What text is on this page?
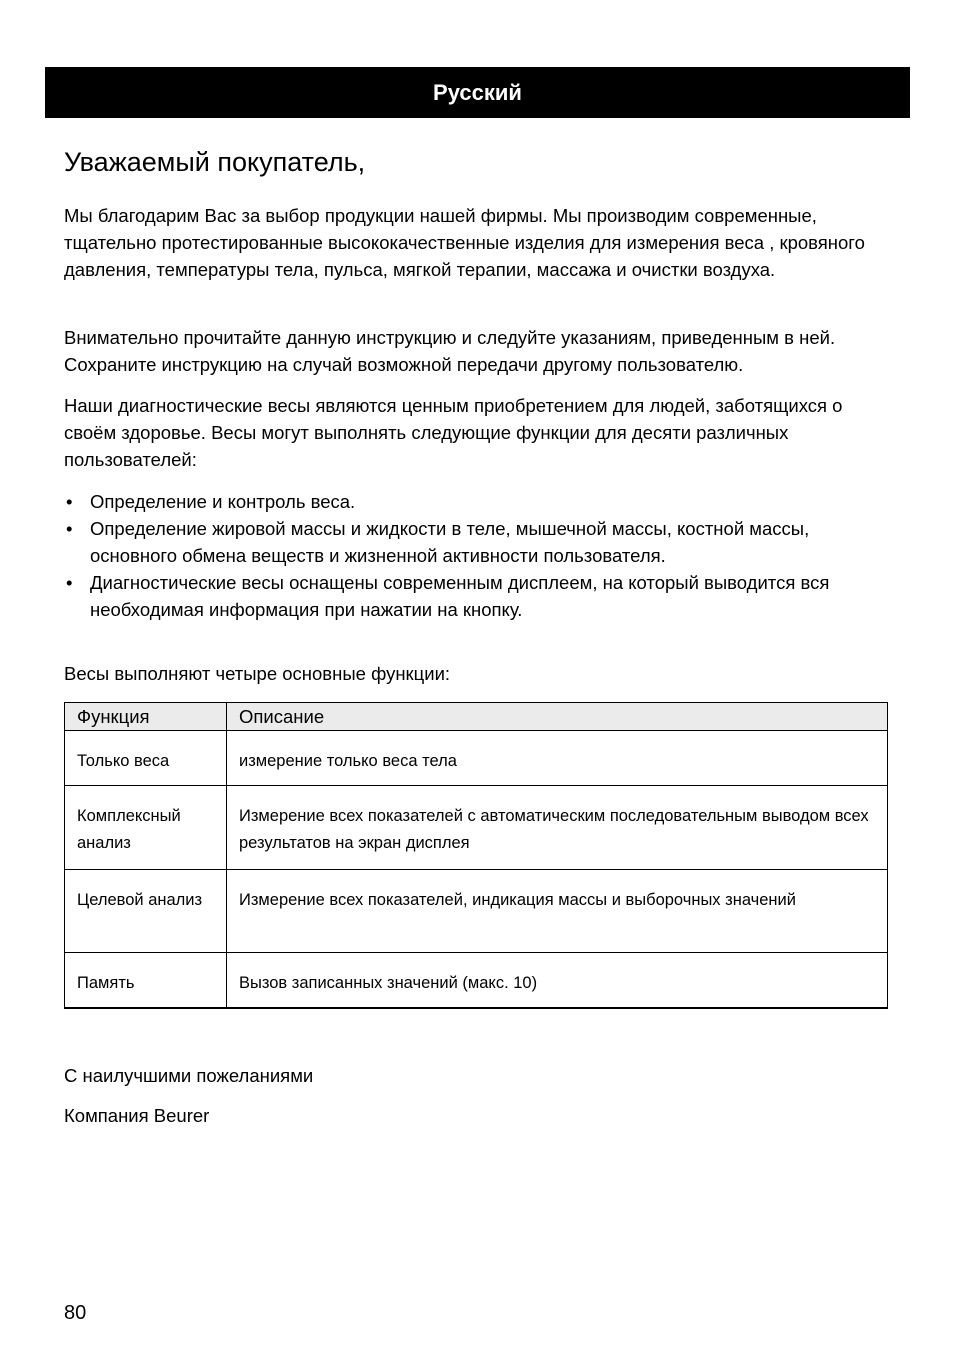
Русский
Уважаемый покупатель,

Мы благодарим Вас за выбор продукции нашей фирмы. Мы производим современные, тщательно протестированные высококачественные изделия для измерения веса , кровяного давления, температуры тела, пульса, мягкой терапии, массажа и очистки воздуха.

Внимательно прочитайте данную инструкцию и следуйте указаниям, приведенным в ней. Сохраните инструкцию на случай возможной передачи другому пользователю.

Наши диагностические весы являются ценным приобретением для людей, заботящихся о своём здоровье. Весы могут выполнять следующие функции для десяти различных пользователей:

• Определение и контроль веса.
• Определение жировой массы и жидкости в теле, мышечной массы, костной массы, основного обмена веществ и жизненной активности пользователя.
• Диагностические весы оснащены современным дисплеем, на который выводится вся необходимая информация при нажатии на кнопку.

Весы выполняют четыре основные функции:

Функция	Описание
Только веса	измерение только веса тела
Комплексный анализ	Измерение всех показателей с автоматическим последовательным выводом всех результатов на экран дисплея
Целевой анализ	Измерение всех показателей, индикация массы и выборочных значений
Память	Вызов записанных значений (макс. 10)

С наилучшими пожеланиями

Компания Beurer

80
